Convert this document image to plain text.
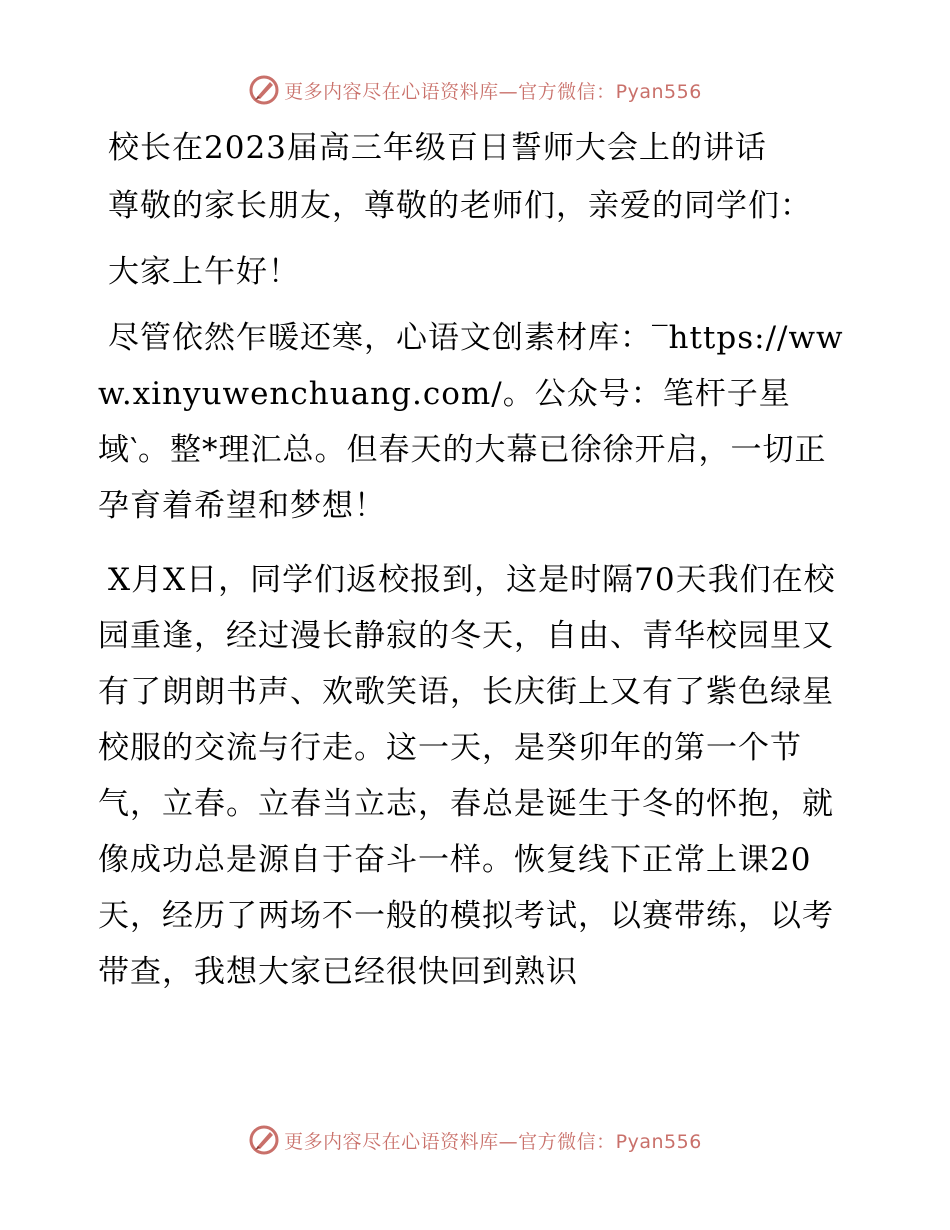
更多内容尽在心语资料库—官方微信：Pyan556

校长在2023届高三年级百日誓师大会上的讲话

尊敬的家长朋友，尊敬的老师们，亲爱的同学们：

大家上午好！

尽管依然乍暖还寒，心语文创素材库：‾https://www.xinyuwenchuang.com/。公众号：笔杆子星域‵。整*理汇总。但春天的大幕已徐徐开启，一切正孕育着希望和梦想！

X月X日，同学们返校报到，这是时隔70天我们在校园重逢，经过漫长静寂的冬天，自由、青华校园里又有了朗朗书声、欢歌笑语，长庆街上又有了紫色绿星校服的交流与行走。这一天，是癸卯年的第一个节气，立春。立春当立志，春总是诞生于冬的怀抱，就像成功总是源自于奋斗一样。恢复线下正常上课20天，经历了两场不一般的模拟考试，以赛带练，以考带查，我想大家已经很快回到熟识

更多内容尽在心语资料库—官方微信：Pyan556
